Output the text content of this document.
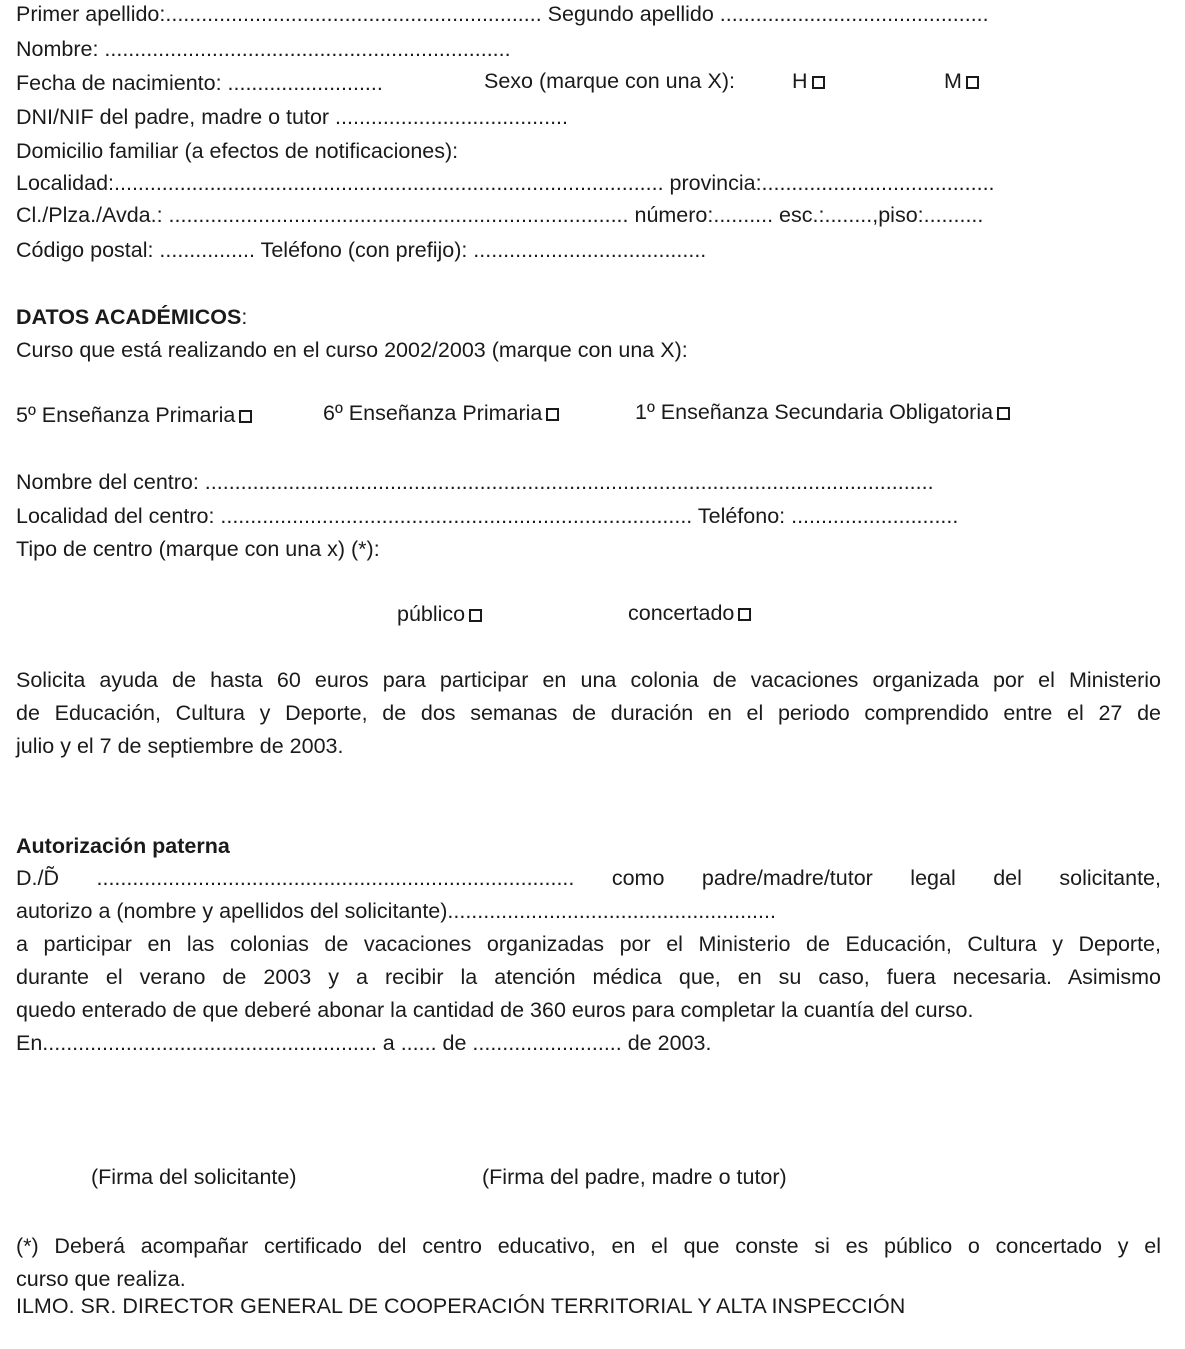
Primer apellido:............................................................... Segundo apellido .............................................
Nombre: ....................................................................
Fecha de nacimiento: ..........................	Sexo (marque con una X):	H	M
DNI/NIF del padre, madre o tutor .......................................
Domicilio familiar (a efectos de notificaciones):
Localidad:............................................................................................ provincia:.......................................
Cl./Plza./Avda.: ............................................................................. número:.......... esc.:........,piso:..........
Código postal: ................ Teléfono (con prefijo): .......................................
DATOS ACADÉMICOS:
Curso que está realizando en el curso 2002/2003 (marque con una X):
5º Enseñanza Primaria	6º Enseñanza Primaria	1º Enseñanza Secundaria Obligatoria
Nombre del centro: ..........................................................................................................................
Localidad del centro: ............................................................................... Teléfono: ............................
Tipo de centro (marque con una x) (*):
público	concertado
Solicita ayuda de hasta 60 euros para participar en una colonia de vacaciones organizada por el Ministerio
de Educación, Cultura y Deporte, de dos semanas de duración en el periodo comprendido entre el 27 de
julio y el 7 de septiembre de 2003.
Autorización paterna
D./D̃ ................................................................................ como padre/madre/tutor legal del solicitante,
autorizo a (nombre y apellidos del solicitante).......................................................
a participar en las colonias de vacaciones organizadas por el Ministerio de Educación, Cultura y Deporte,
durante el verano de 2003 y a recibir la atención médica que, en su caso, fuera necesaria. Asimismo
quedo enterado de que deberé abonar la cantidad de 360 euros para completar la cuantía del curso.
En........................................................ a ...... de ......................... de 2003.
(Firma del solicitante)	(Firma del padre, madre o tutor)
(*) Deberá acompañar certificado del centro educativo, en el que conste si es público o concertado y el
curso que realiza.
ILMO. SR. DIRECTOR GENERAL DE COOPERACIÓN TERRITORIAL Y ALTA INSPECCIÓN
